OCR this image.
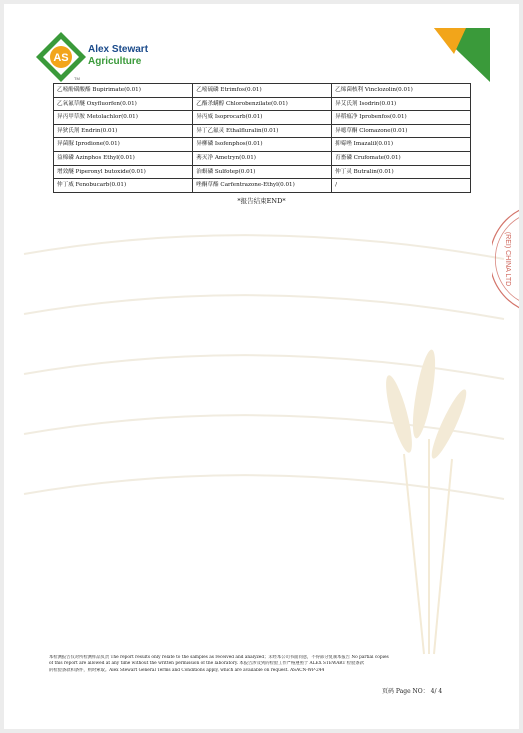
AS
TM
Alex Stewart
Agriculture
乙嘧酚磺酸酯 Bupirimate(0.01)	乙嘧硫磷 Etrimfos(0.01)	乙烯菌核利 Vinclozolin(0.01)
乙氧氟草醚 Oxyfluorfen(0.01)	乙酯杀螨醇 Chlorobenzilate(0.01)	异艾氏剂 Isodrin(0.01)
异丙甲草胺 Metolachlor(0.01)	异丙威 Isoprocarb(0.01)	异稻瘟净 Iprobenfos(0.01)
异狄氏剂 Endrin(0.01)	异丁乙氟灵 Ethalfluralin(0.01)	异噁草酮 Clomazone(0.01)
异菌脲 Iprodione(0.01)	异柳磷 Isofenphos(0.01)	抑霉唑 Imazalil(0.01)
益棉磷 Azinphos Ethyl(0.01)	莠灭净 Ametryn(0.01)	育畜磷 Crufomate(0.01)
增效醚 Piperonyl butoxide(0.01)	治螟磷 Sulfotep(0.01)	仲丁灵 Butralin(0.01)
仲丁威 Fenobucarb(0.01)	唑酮草酯 Carfentrazone-Ethyl(0.01)	/
*报告结束END*
(REI) CHINA LTD
本检测报告仅对所检测样品负责 The report results only relate to the samples as received and analyzed；未经本公司书面同意，不得部分复制本报告 No partial copies
of this report are allowed at any time without the written permission of the laboratory. 本报告涉及到的检验工作严格遵照于 ALEX STEWART 检验条款
的检验条款和条件，则时索取。Alex Stewart General Terms and Conditions apply, which are available on request. ASACN-WP-244
页码 Page NO： 4/ 4
